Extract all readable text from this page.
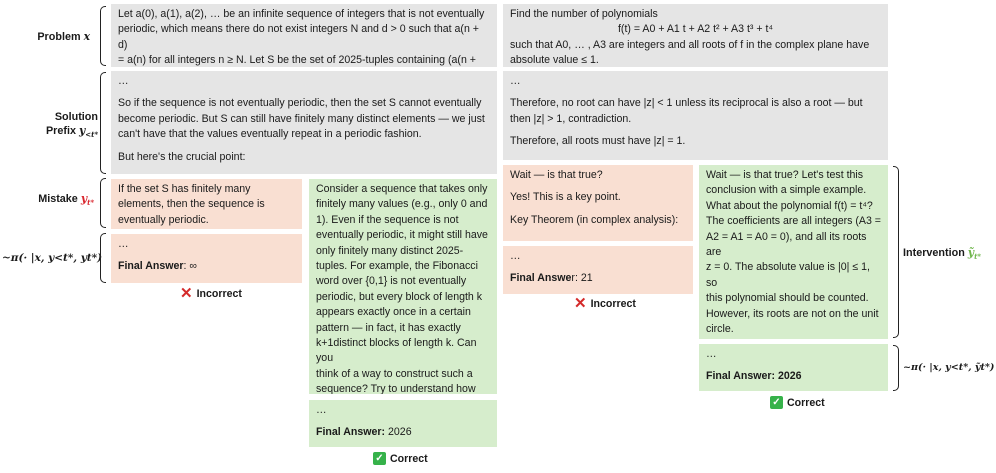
Problem x
Solution
Prefix $y_{<t*}$
Mistake $y_{t*}$
~π(· |x, y<t*, yt*)

Let a(0), a(1), a(2), … be an infinite sequence of integers that is not eventually

periodic, which means there do not exist integers N and d > 0 such that a(n + d)

= a(n) for all integers n ≥ N. Let S be the set of 2025-tuples containing (a(n +

…

So if the sequence is not eventually periodic, then the set S cannot eventually

become periodic. But S can still have finitely many distinct elements — we just

can't have that the values eventually repeat in a periodic fashion.

But here's the crucial point:

If the set S has finitely many

elements, then the sequence is

eventually periodic.

…

Final Answer: ∞

✕ Incorrect

Consider a sequence that takes only

finitely many values (e.g., only 0 and

1). Even if the sequence is not

eventually periodic, it might still have

only finitely many distinct 2025-

tuples. For example, the Fibonacci

word over {0,1} is not eventually

periodic, but every block of length k

appears exactly once in a certain

pattern — in fact, it has exactly

k+1distinct blocks of length k. Can you

think of a way to construct such a

sequence? Try to understand how

…

Final Answer: 2026

✓ Correct

Find the number of polynomials

f(t) = A0 + A1 t + A2 t² + A3 t³ + t⁴

such that A0, … , A3 are integers and all roots of f in the complex plane have

absolute value ≤ 1.

…

Therefore, no root can have |z| < 1 unless its reciprocal is also a root — but

then |z| > 1, contradiction.

Therefore, all roots must have |z| = 1.

Wait — is that true?

Yes! This is a key point.

Key Theorem (in complex analysis):

…

Final Answer: 21

✕ Incorrect

Wait — is that true? Let's test this

conclusion with a simple example.

What about the polynomial f(t) = t⁴?

The coefficients are all integers (A3 =

A2 = A1 = A0 = 0), and all its roots are

z = 0. The absolute value is |0| ≤ 1, so

this polynomial should be counted.

However, its roots are not on the unit

circle.

…

Final Answer: 2026

✓ Correct
Intervention ỹ$_{t*}$
~π(· |x, y<t*, ỹt*)
